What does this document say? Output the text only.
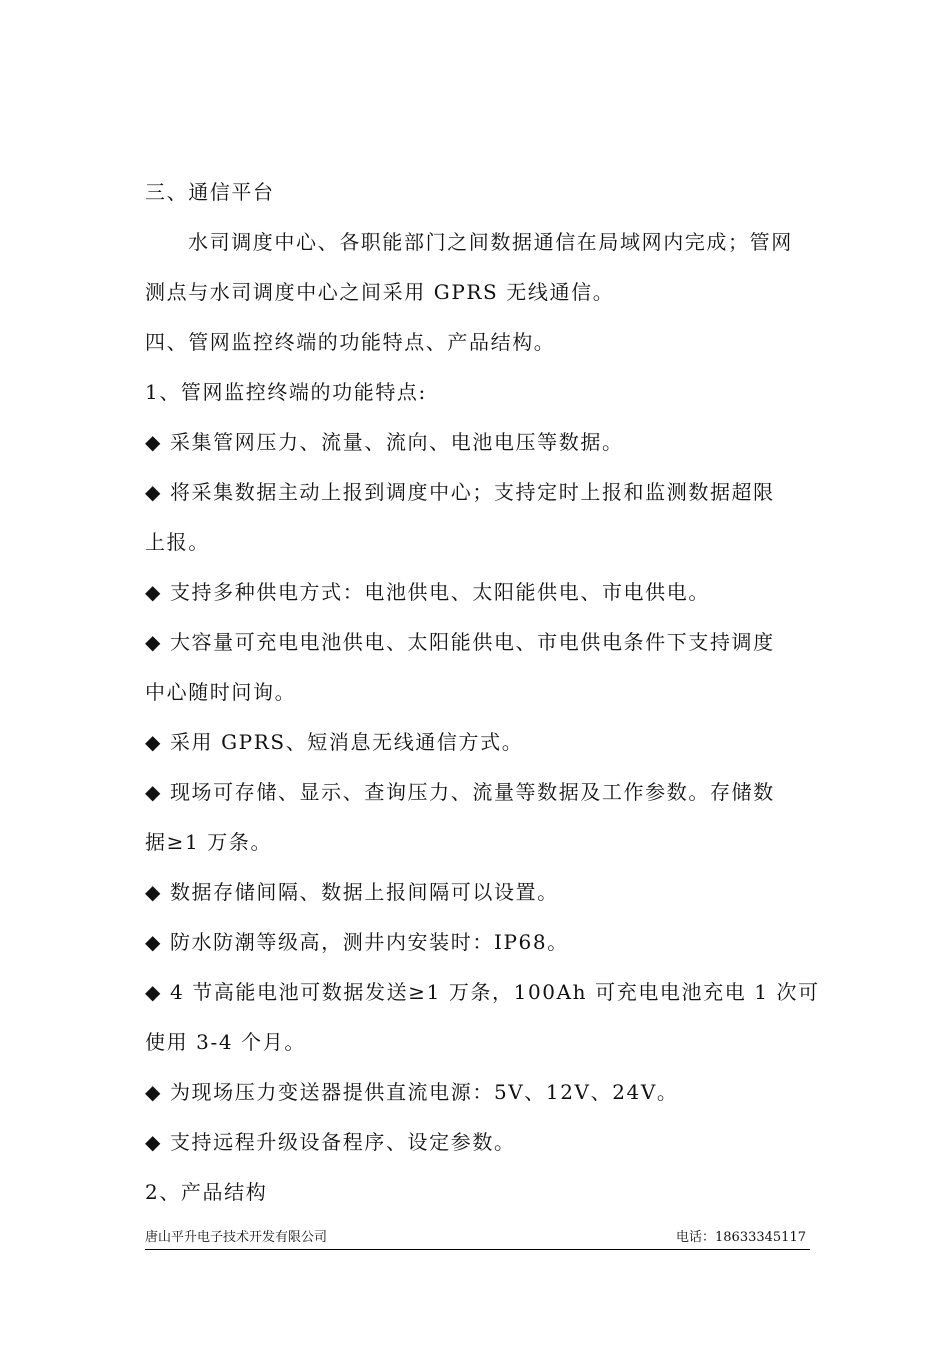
三、通信平台
水司调度中心、各职能部门之间数据通信在局域网内完成；管网
测点与水司调度中心之间采用 GPRS 无线通信。
四、管网监控终端的功能特点、产品结构。
1、管网监控终端的功能特点:
◆ 采集管网压力、流量、流向、电池电压等数据。
◆ 将采集数据主动上报到调度中心；支持定时上报和监测数据超限
上报。
◆ 支持多种供电方式：电池供电、太阳能供电、市电供电。
◆ 大容量可充电电池供电、太阳能供电、市电供电条件下支持调度
中心随时问询。
◆ 采用 GPRS、短消息无线通信方式。
◆ 现场可存储、显示、查询压力、流量等数据及工作参数。存储数
据≥1 万条。
◆ 数据存储间隔、数据上报间隔可以设置。
◆ 防水防潮等级高，测井内安装时：IP68。
◆ 4 节高能电池可数据发送≥1 万条，100Ah 可充电电池充电 1 次可
使用 3-4 个月。
◆ 为现场压力变送器提供直流电源：5V、12V、24V。
◆ 支持远程升级设备程序、设定参数。
2、产品结构
唐山平升电子技术开发有限公司	电话：18633345117
